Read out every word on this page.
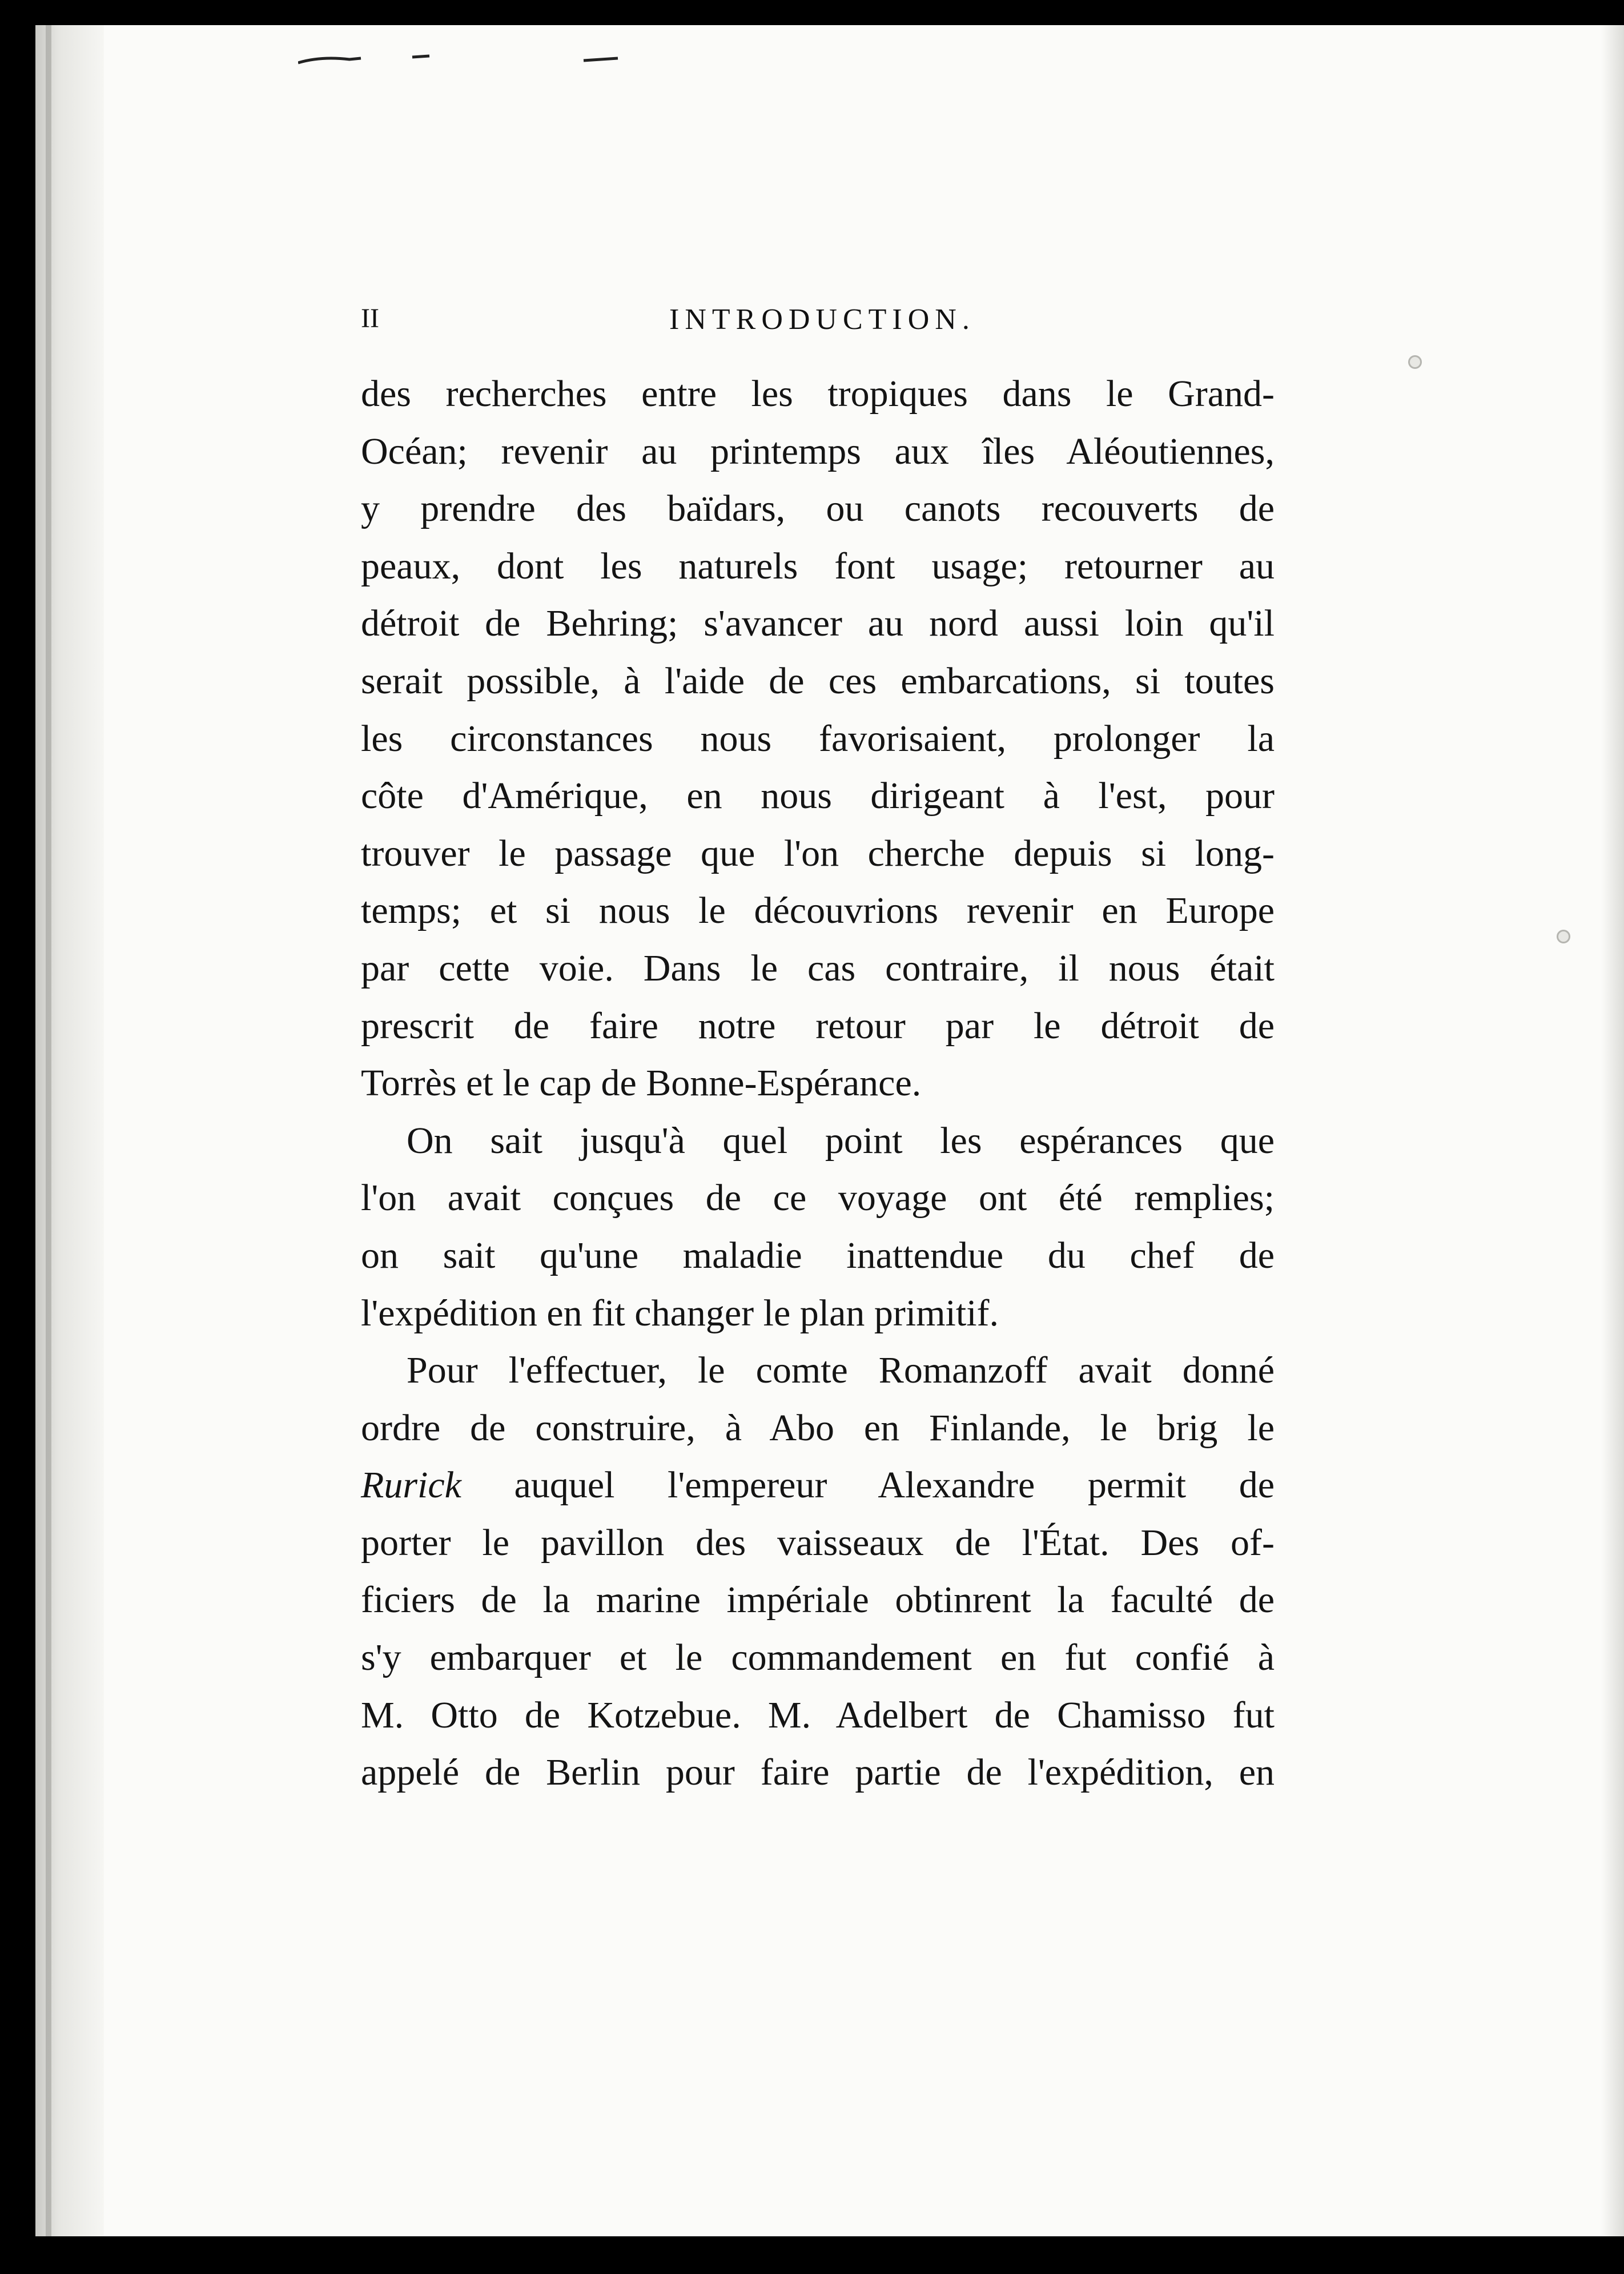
II	INTRODUCTION.
des recherches entre les tropiques dans le Grand-
Océan; revenir au printemps aux îles Aléoutiennes,
y prendre des baïdars, ou canots recouverts de
peaux, dont les naturels font usage; retourner au
détroit de Behring; s'avancer au nord aussi loin qu'il
serait possible, à l'aide de ces embarcations, si toutes
les circonstances nous favorisaient, prolonger la
côte d'Amérique, en nous dirigeant à l'est, pour
trouver le passage que l'on cherche depuis si long-
temps; et si nous le découvrions revenir en Europe
par cette voie. Dans le cas contraire, il nous était
prescrit de faire notre retour par le détroit de
Torrès et le cap de Bonne-Espérance.
On sait jusqu'à quel point les espérances que
l'on avait conçues de ce voyage ont été remplies;
on sait qu'une maladie inattendue du chef de
l'expédition en fit changer le plan primitif.
Pour l'effectuer, le comte Romanzoff avait donné
ordre de construire, à Abo en Finlande, le brig le
Rurick auquel l'empereur Alexandre permit de
porter le pavillon des vaisseaux de l'État. Des of-
ficiers de la marine impériale obtinrent la faculté de
s'y embarquer et le commandement en fut confié à
M. Otto de Kotzebue. M. Adelbert de Chamisso fut
appelé de Berlin pour faire partie de l'expédition, en
